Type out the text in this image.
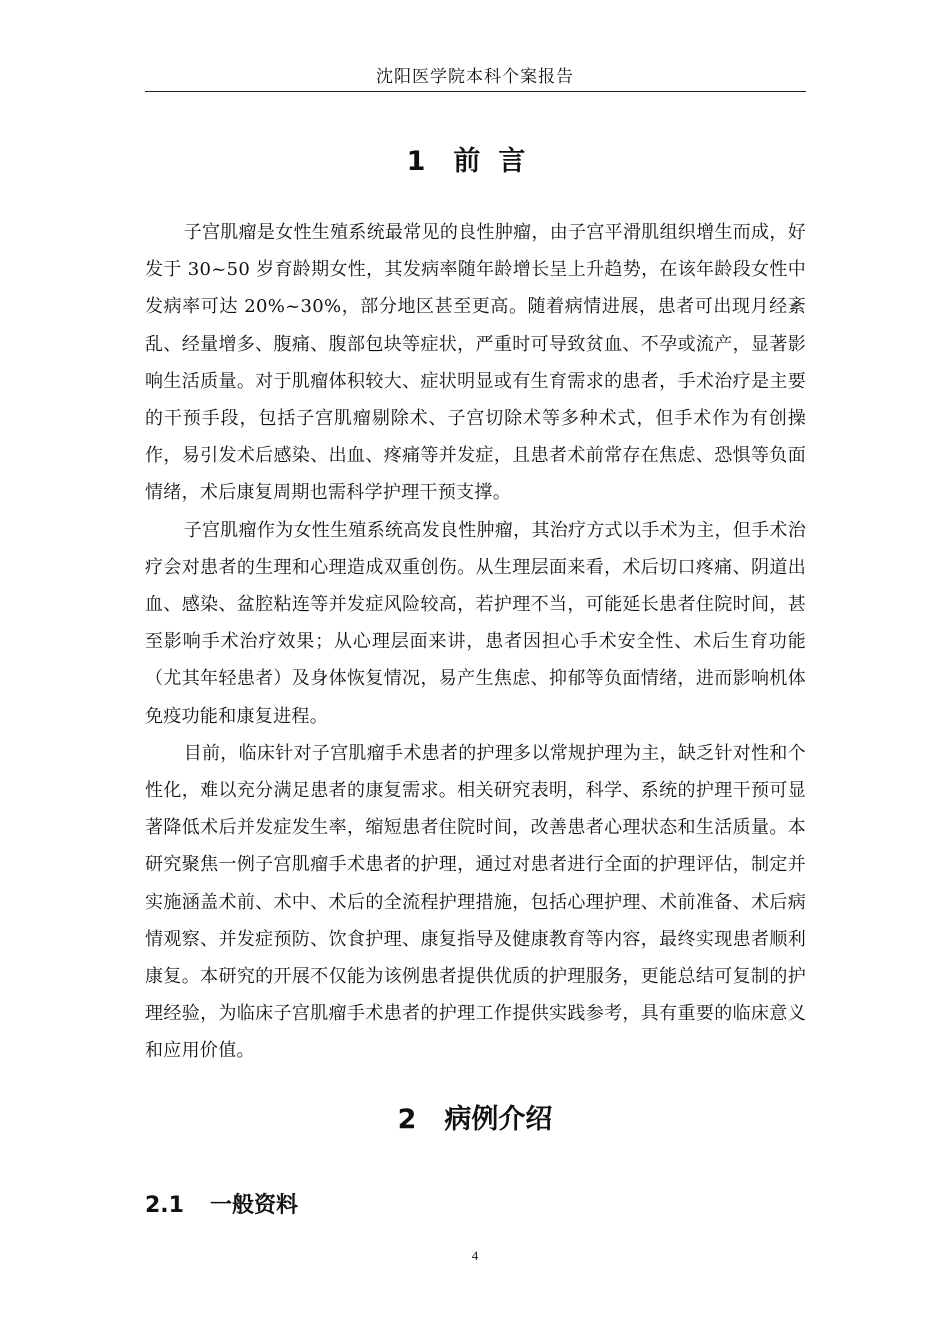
沈阳医学院本科个案报告
1 前言

子宫肌瘤是女性生殖系统最常见的良性肿瘤，由子宫平滑肌组织增生而成，好发于 30~50 岁育龄期女性，其发病率随年龄增长呈上升趋势，在该年龄段女性中发病率可达 20%~30%，部分地区甚至更高。随着病情进展，患者可出现月经紊乱、经量增多、腹痛、腹部包块等症状，严重时可导致贫血、不孕或流产，显著影响生活质量。对于肌瘤体积较大、症状明显或有生育需求的患者，手术治疗是主要的干预手段，包括子宫肌瘤剔除术、子宫切除术等多种术式，但手术作为有创操作，易引发术后感染、出血、疼痛等并发症，且患者术前常存在焦虑、恐惧等负面情绪，术后康复周期也需科学护理干预支撑。

子宫肌瘤作为女性生殖系统高发良性肿瘤，其治疗方式以手术为主，但手术治疗会对患者的生理和心理造成双重创伤。从生理层面来看，术后切口疼痛、阴道出血、感染、盆腔粘连等并发症风险较高，若护理不当，可能延长患者住院时间，甚至影响手术治疗效果；从心理层面来讲，患者因担心手术安全性、术后生育功能（尤其年轻患者）及身体恢复情况，易产生焦虑、抑郁等负面情绪，进而影响机体免疫功能和康复进程。

目前，临床针对子宫肌瘤手术患者的护理多以常规护理为主，缺乏针对性和个性化，难以充分满足患者的康复需求。相关研究表明，科学、系统的护理干预可显著降低术后并发症发生率，缩短患者住院时间，改善患者心理状态和生活质量。本研究聚焦一例子宫肌瘤手术患者的护理，通过对患者进行全面的护理评估，制定并实施涵盖术前、术中、术后的全流程护理措施，包括心理护理、术前准备、术后病情观察、并发症预防、饮食护理、康复指导及健康教育等内容，最终实现患者顺利康复。本研究的开展不仅能为该例患者提供优质的护理服务，更能总结可复制的护理经验，为临床子宫肌瘤手术患者的护理工作提供实践参考，具有重要的临床意义和应用价值。

2 病例介绍
2.1 一般资料
4
